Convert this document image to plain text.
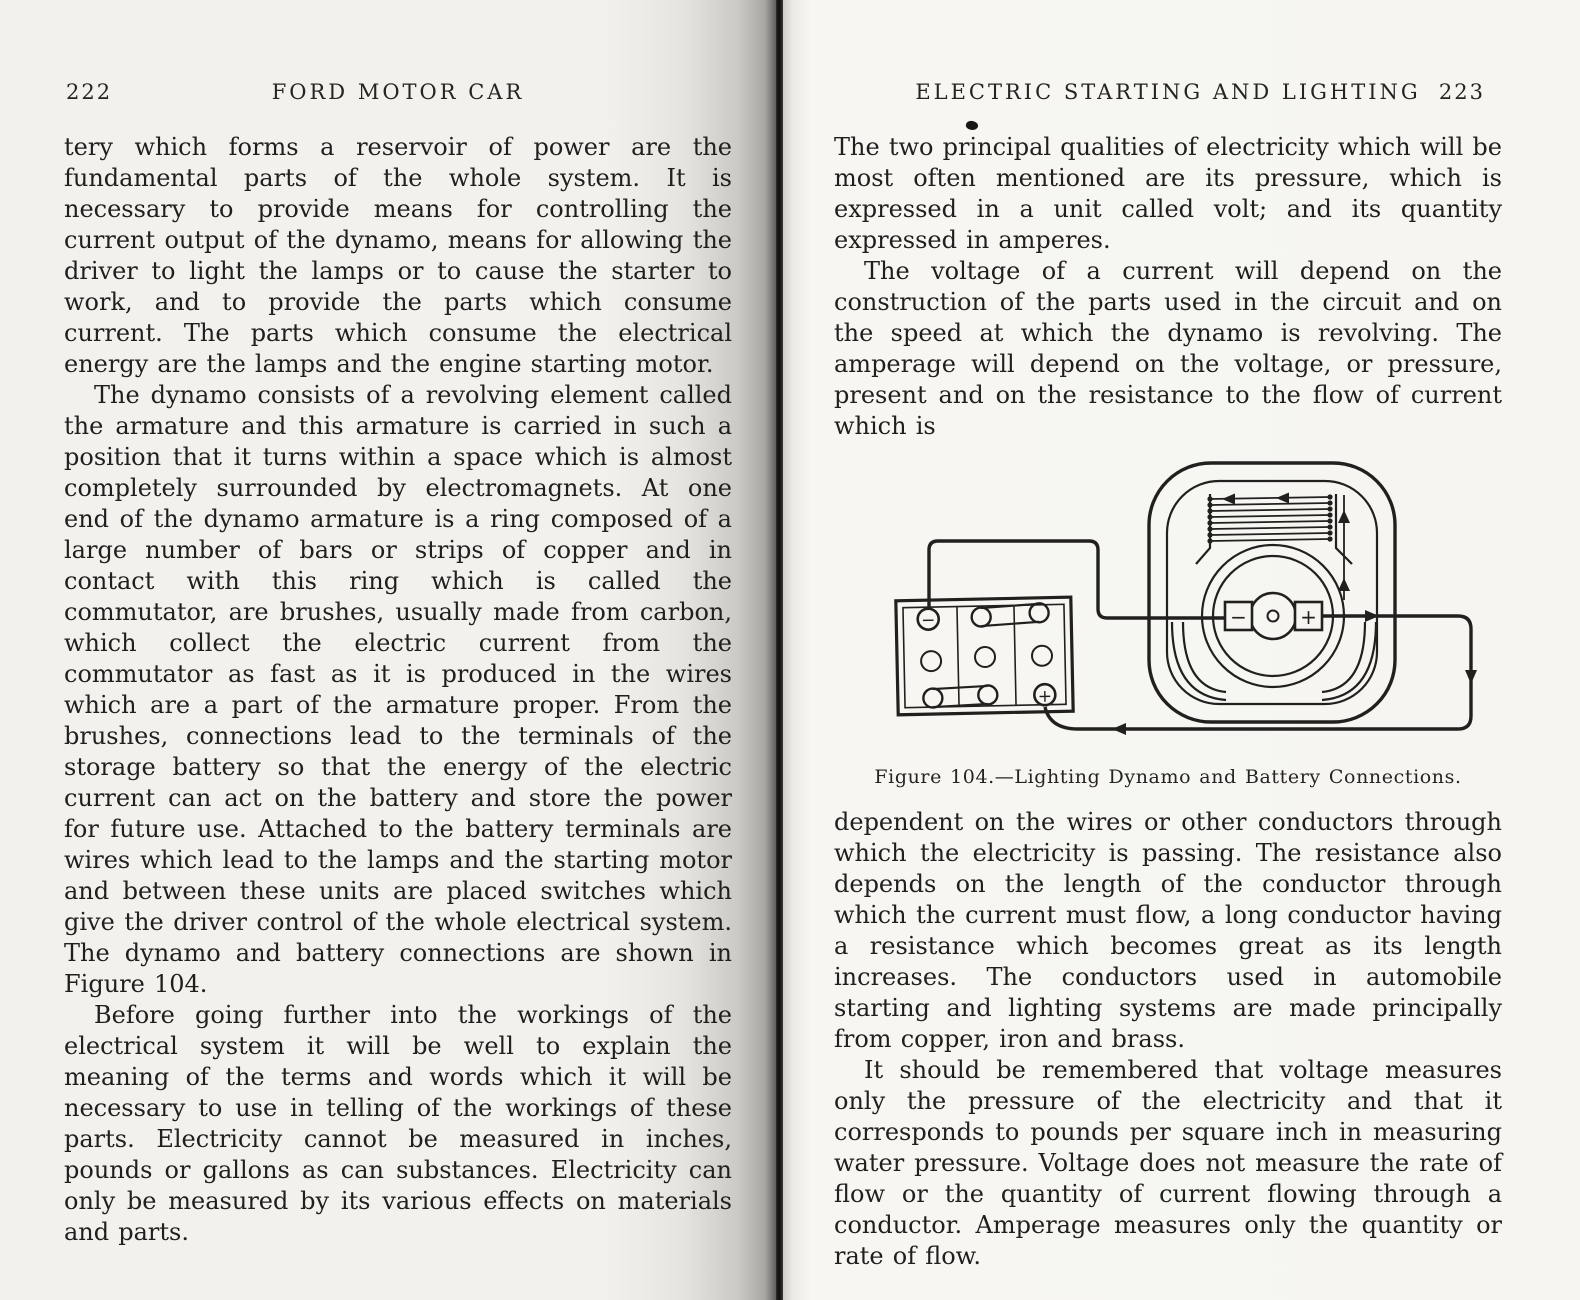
222	FORD MOTOR CAR

tery which forms a reservoir of power are the fundamental parts of the whole system. It is necessary to provide means for controlling the current output of the dynamo, means for allowing the driver to light the lamps or to cause the starter to work, and to provide the parts which consume current. The parts which consume the electrical energy are the lamps and the engine starting motor.

The dynamo consists of a revolving element called the armature and this armature is carried in such a position that it turns within a space which is almost completely surrounded by electromagnets. At one end of the dynamo armature is a ring composed of a large number of bars or strips of copper and in contact with this ring which is called the commutator, are brushes, usually made from carbon, which collect the electric current from the commutator as fast as it is produced in the wires which are a part of the armature proper. From the brushes, connections lead to the terminals of the storage battery so that the energy of the electric current can act on the battery and store the power for future use. Attached to the battery terminals are wires which lead to the lamps and the starting motor and between these units are placed switches which give the driver control of the whole electrical system. The dynamo and battery connections are shown in Figure 104.

Before going further into the workings of the electrical system it will be well to explain the meaning of the terms and words which it will be necessary to use in telling of the workings of these parts. Electricity cannot be measured in inches, pounds or gallons as can substances. Electricity can only be measured by its various effects on materials and parts.

ELECTRIC STARTING AND LIGHTING 223

The two principal qualities of electricity which will be most often mentioned are its pressure, which is expressed in a unit called volt; and its quantity expressed in amperes.

The voltage of a current will depend on the construction of the parts used in the circuit and on the speed at which the dynamo is revolving. The amperage will depend on the voltage, or pressure, present and on the resistance to the flow of current which is

−
+
−	+
Figure 104.—Lighting Dynamo and Battery Connections.

dependent on the wires or other conductors through which the electricity is passing. The resistance also depends on the length of the conductor through which the current must flow, a long conductor having a resistance which becomes great as its length increases. The conductors used in automobile starting and lighting systems are made principally from copper, iron and brass.

It should be remembered that voltage measures only the pressure of the electricity and that it corresponds to pounds per square inch in measuring water pressure. Voltage does not measure the rate of flow or the quantity of current flowing through a conductor. Amperage measures only the quantity or rate of flow.
